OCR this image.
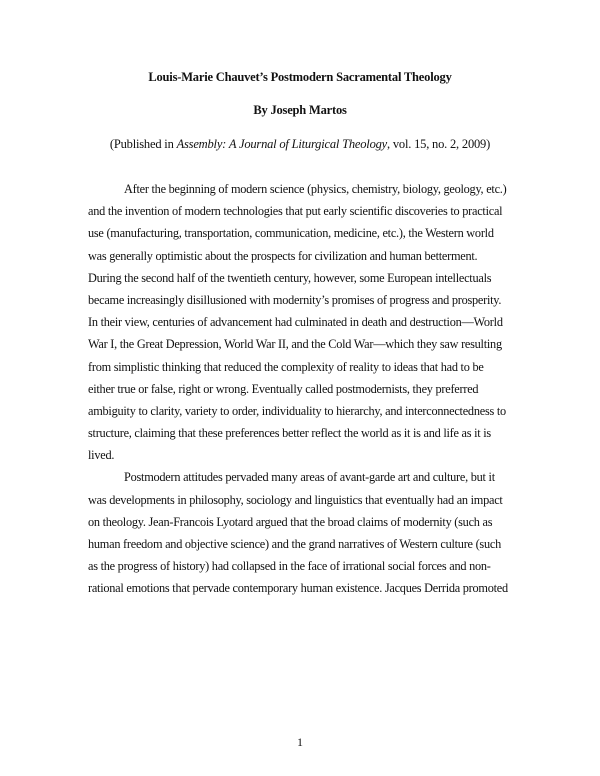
Louis-Marie Chauvet’s Postmodern Sacramental Theology
By Joseph Martos
(Published in Assembly: A Journal of Liturgical Theology, vol. 15, no. 2, 2009)
After the beginning of modern science (physics, chemistry, biology, geology, etc.)
and the invention of modern technologies that put early scientific discoveries to practical
use (manufacturing, transportation, communication, medicine, etc.), the Western world
was generally optimistic about the prospects for civilization and human betterment.
During the second half of the twentieth century, however, some European intellectuals
became increasingly disillusioned with modernity’s promises of progress and prosperity.
In their view, centuries of advancement had culminated in death and destruction—World
War I, the Great Depression, World War II, and the Cold War—which they saw resulting
from simplistic thinking that reduced the complexity of reality to ideas that had to be
either true or false, right or wrong. Eventually called postmodernists, they preferred
ambiguity to clarity, variety to order, individuality to hierarchy, and interconnectedness to
structure, claiming that these preferences better reflect the world as it is and life as it is
lived.
Postmodern attitudes pervaded many areas of avant-garde art and culture, but it
was developments in philosophy, sociology and linguistics that eventually had an impact
on theology. Jean-Francois Lyotard argued that the broad claims of modernity (such as
human freedom and objective science) and the grand narratives of Western culture (such
as the progress of history) had collapsed in the face of irrational social forces and non-
rational emotions that pervade contemporary human existence. Jacques Derrida promoted
1
